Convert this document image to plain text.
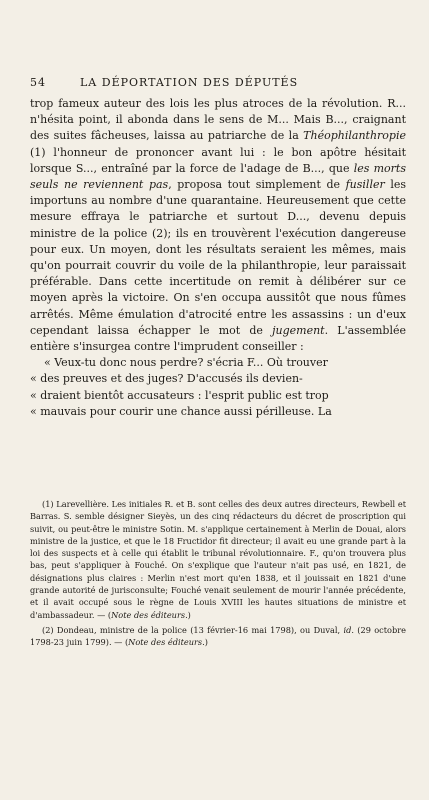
54	LA DÉPORTATION DES DÉPUTÉS

trop fameux auteur des lois les plus atroces de la révolution. R... n'hésita point, il abonda dans le sens de M... Mais B..., craignant des suites fâcheuses, laissa au patriarche de la Théophilanthropie (1) l'honneur de prononcer avant lui : le bon apôtre hésitait lorsque S..., entraîné par la force de l'adage de B..., que les morts seuls ne reviennent pas, proposa tout simplement de fusiller les importuns au nombre d'une quarantaine. Heureusement que cette mesure effraya le patriarche et surtout D..., devenu depuis ministre de la police (2); ils en trouvèrent l'exécution dangereuse pour eux. Un moyen, dont les résultats seraient les mêmes, mais qu'on pourrait couvrir du voile de la philanthropie, leur paraissait préférable. Dans cette incertitude on remit à délibérer sur ce moyen après la victoire. On s'en occupa aussitôt que nous fûmes arrêtés. Même émulation d'atrocité entre les assassins : un d'eux cependant laissa échapper le mot de jugement. L'assemblée entière s'insurgea contre l'imprudent conseiller :

« Veux-tu donc nous perdre? s'écria F... Où trouver

« des preuves et des juges? D'accusés ils devien-

« draient bientôt accusateurs : l'esprit public est trop

« mauvais pour courir une chance aussi périlleuse. La

(1) Larevellière. Les initiales R. et B. sont celles des deux autres directeurs, Rewbell et Barras. S. semble désigner Sieyès, un des cinq rédacteurs du décret de proscription qui suivit, ou peut-être le ministre Sotin. M. s'applique certainement à Merlin de Douai, alors ministre de la justice, et que le 18 Fructidor fit directeur; il avait eu une grande part à la loi des suspects et à celle qui établit le tribunal révolutionnaire. F., qu'on trouvera plus bas, peut s'appliquer à Fouché. On s'explique que l'auteur n'ait pas usé, en 1821, de désignations plus claires : Merlin n'est mort qu'en 1838, et il jouissait en 1821 d'une grande autorité de jurisconsulte; Fouché venait seulement de mourir l'année précédente, et il avait occupé sous le règne de Louis XVIII les hautes situations de ministre et d'ambassadeur. — (Note des éditeurs.)

(2) Dondeau, ministre de la police (13 février-16 mai 1798), ou Duval, id. (29 octobre 1798-23 juin 1799). — (Note des éditeurs.)
